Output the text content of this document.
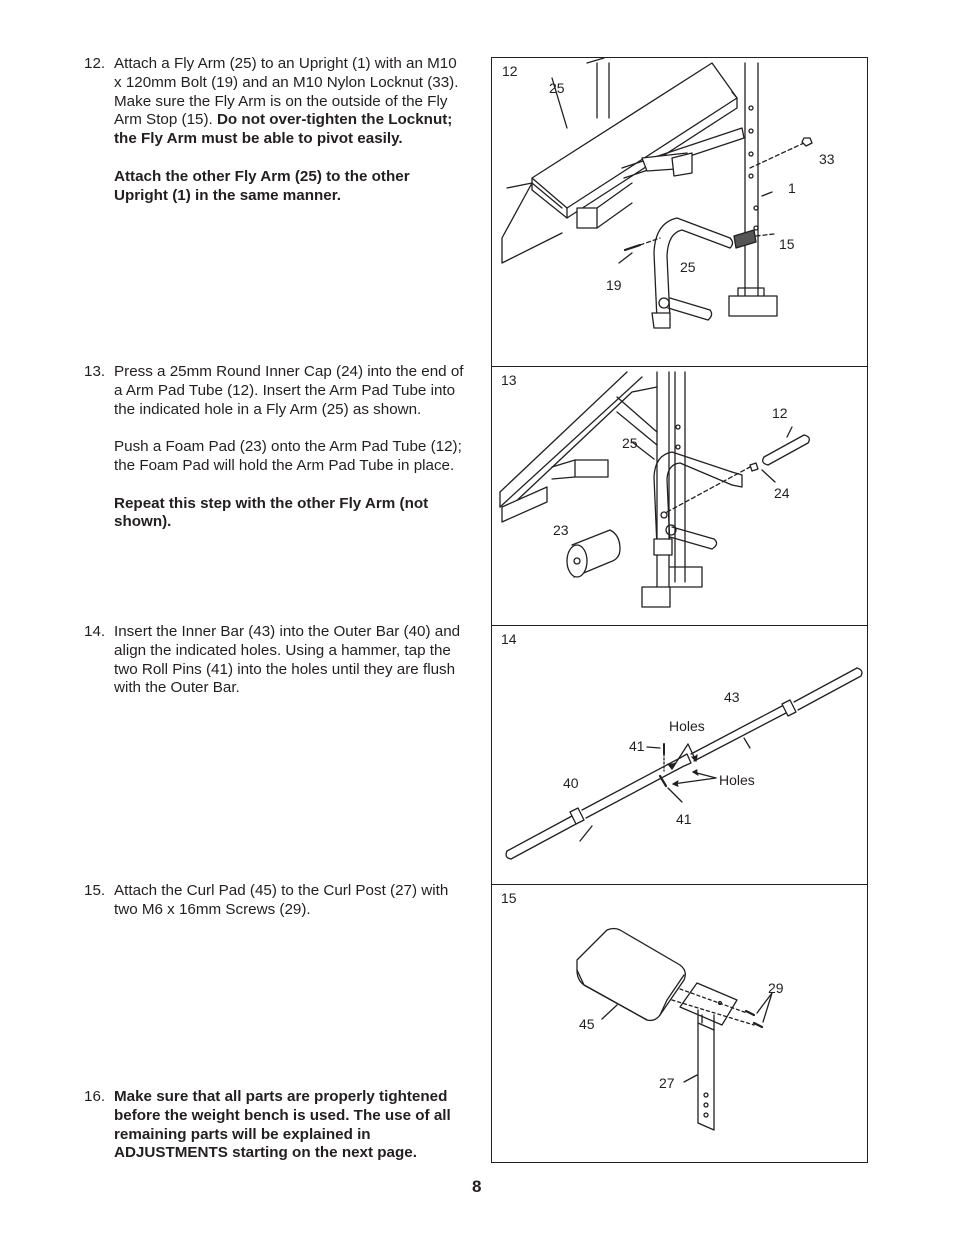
12. Attach a Fly Arm (25) to an Upright (1) with an M10 x 120mm Bolt (19) and an M10 Nylon Locknut (33). Make sure the Fly Arm is on the outside of the Fly Arm Stop (15). Do not over-tighten the Locknut; the Fly Arm must be able to pivot easily.

Attach the other Fly Arm (25) to the other Upright (1) in the same manner.

13. Press a 25mm Round Inner Cap (24) into the end of a Arm Pad Tube (12). Insert the Arm Pad Tube into the indicated hole in a Fly Arm (25) as shown.

Push a Foam Pad (23) onto the Arm Pad Tube (12); the Foam Pad will hold the Arm Pad Tube in place.

Repeat this step with the other Fly Arm (not shown).

14. Insert the Inner Bar (43) into the Outer Bar (40) and align the indicated holes. Using a hammer, tap the two Roll Pins (41) into the holes until they are flush with the Outer Bar.

15. Attach the Curl Pad (45) to the Curl Post (27) with two M6 x 16mm Screws (29).

16. Make sure that all parts are properly tightened before the weight bench is used. The use of all remaining parts will be explained in ADJUSTMENTS starting on the next page.

12
25
33
1
15
25
19
13
12
25
24
23
14
43
Holes
41
Holes
40
41
15
29
45
27
8
